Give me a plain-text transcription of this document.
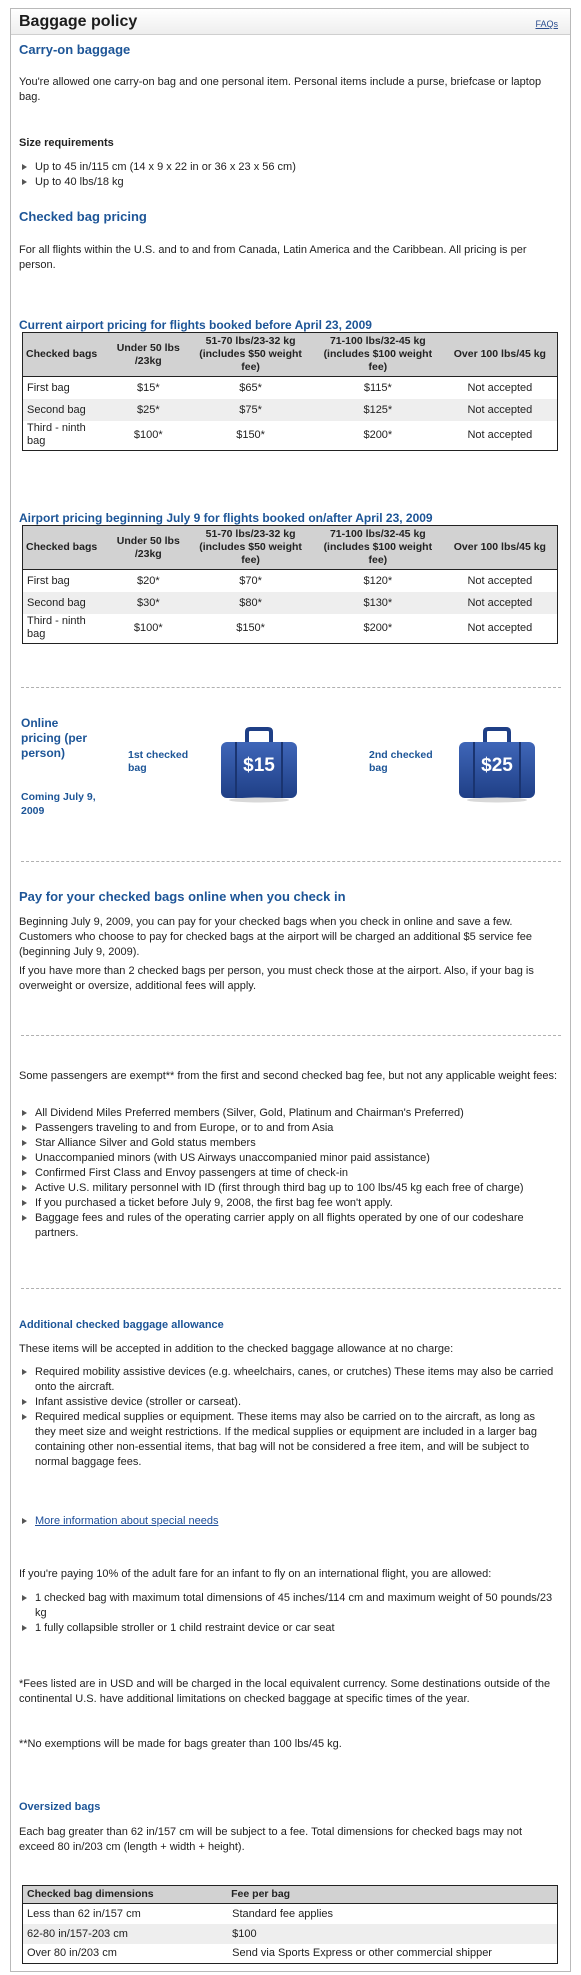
Baggage policy	FAQs
Carry-on baggage
You're allowed one carry-on bag and one personal item. Personal items include a purse, briefcase or laptop bag.
Size requirements
Up to 45 in/115 cm (14 x 9 x 22 in or 36 x 23 x 56 cm)
Up to 40 lbs/18 kg
Checked bag pricing
For all flights within the U.S. and to and from Canada, Latin America and the Caribbean. All pricing is per person.
Current airport pricing for flights booked before April 23, 2009
Checked bags	Under 50 lbs /23kg	51-70 lbs/23-32 kg (includes $50 weight fee)	71-100 lbs/32-45 kg (includes $100 weight fee)	Over 100 lbs/45 kg
First bag	$15*	$65*	$115*	Not accepted
Second bag	$25*	$75*	$125*	Not accepted
Third - ninth bag	$100*	$150*	$200*	Not accepted
Airport pricing beginning July 9 for flights booked on/after April 23, 2009
Checked bags	Under 50 lbs /23kg	51-70 lbs/23-32 kg (includes $50 weight fee)	71-100 lbs/32-45 kg (includes $100 weight fee)	Over 100 lbs/45 kg
First bag	$20*	$70*	$120*	Not accepted
Second bag	$30*	$80*	$130*	Not accepted
Third - ninth bag	$100*	$150*	$200*	Not accepted
Online pricing (per person)
Coming July 9, 2009
1st checked bag	$15	2nd checked bag	$25
Pay for your checked bags online when you check in
Beginning July 9, 2009, you can pay for your checked bags when you check in online and save a few. Customers who choose to pay for checked bags at the airport will be charged an additional $5 service fee (beginning July 9, 2009).
If you have more than 2 checked bags per person, you must check those at the airport. Also, if your bag is overweight or oversize, additional fees will apply.
Some passengers are exempt** from the first and second checked bag fee, but not any applicable weight fees:
All Dividend Miles Preferred members (Silver, Gold, Platinum and Chairman's Preferred)
Passengers traveling to and from Europe, or to and from Asia
Star Alliance Silver and Gold status members
Unaccompanied minors (with US Airways unaccompanied minor paid assistance)
Confirmed First Class and Envoy passengers at time of check-in
Active U.S. military personnel with ID (first through third bag up to 100 lbs/45 kg each free of charge)
If you purchased a ticket before July 9, 2008, the first bag fee won't apply.
Baggage fees and rules of the operating carrier apply on all flights operated by one of our codeshare partners.
Additional checked baggage allowance
These items will be accepted in addition to the checked baggage allowance at no charge:
Required mobility assistive devices (e.g. wheelchairs, canes, or crutches) These items may also be carried onto the aircraft.
Infant assistive device (stroller or carseat).
Required medical supplies or equipment. These items may also be carried on to the aircraft, as long as they meet size and weight restrictions. If the medical supplies or equipment are included in a larger bag containing other non-essential items, that bag will not be considered a free item, and will be subject to normal baggage fees.
More information about special needs
If you're paying 10% of the adult fare for an infant to fly on an international flight, you are allowed:
1 checked bag with maximum total dimensions of 45 inches/114 cm and maximum weight of 50 pounds/23 kg
1 fully collapsible stroller or 1 child restraint device or car seat
*Fees listed are in USD and will be charged in the local equivalent currency. Some destinations outside of the continental U.S. have additional limitations on checked baggage at specific times of the year.
**No exemptions will be made for bags greater than 100 lbs/45 kg.
Oversized bags
Each bag greater than 62 in/157 cm will be subject to a fee. Total dimensions for checked bags may not exceed 80 in/203 cm (length + width + height).
Checked bag dimensions	Fee per bag
Less than 62 in/157 cm	Standard fee applies
62-80 in/157-203 cm	$100
Over 80 in/203 cm	Send via Sports Express or other commercial shipper
